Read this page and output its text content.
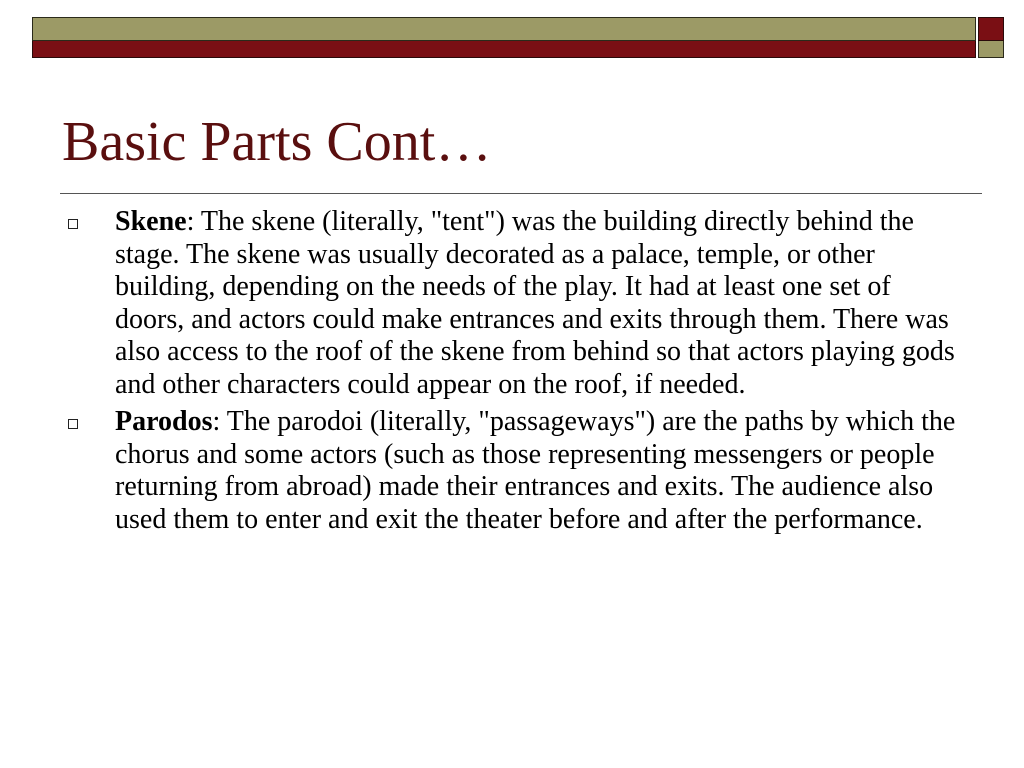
Basic Parts Cont…
Skene: The skene (literally, "tent") was the building directly behind the stage. The skene was usually decorated as a palace, temple, or other building, depending on the needs of the play. It had at least one set of doors, and actors could make entrances and exits through them. There was also access to the roof of the skene from behind so that actors playing gods and other characters could appear on the roof, if needed.
Parodos: The parodoi (literally, "passageways") are the paths by which the chorus and some actors (such as those representing messengers or people returning from abroad) made their entrances and exits. The audience also used them to enter and exit the theater before and after the performance.
